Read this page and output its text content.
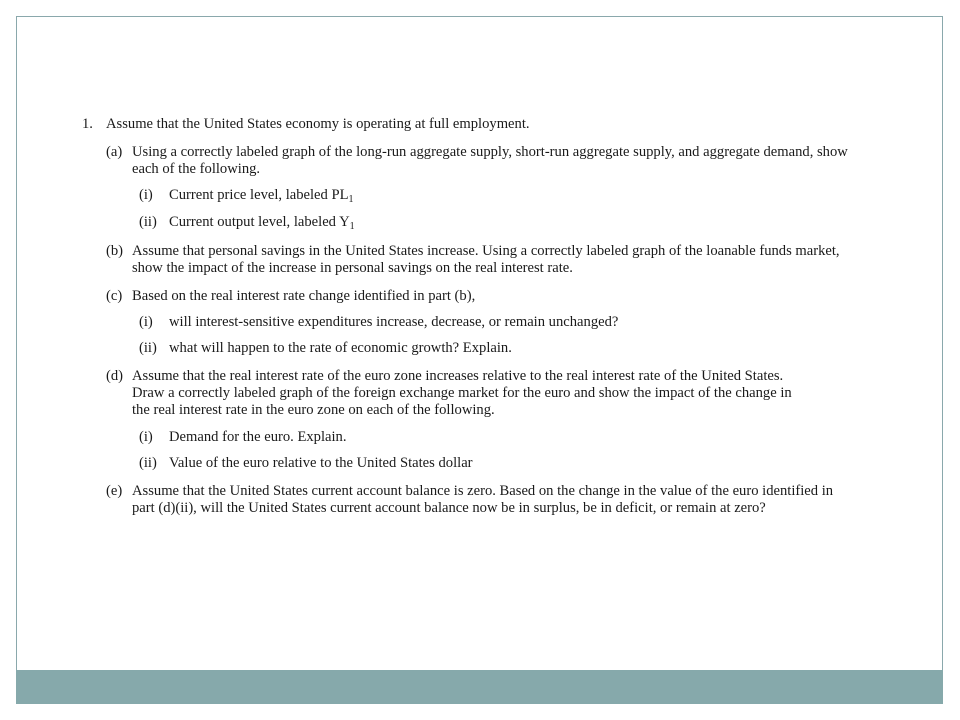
1. Assume that the United States economy is operating at full employment.
(a) Using a correctly labeled graph of the long-run aggregate supply, short-run aggregate supply, and aggregate demand, show each of the following.
(i)	Current price level, labeled $PL_1$
(ii) Current output level, labeled $Y_1$
(b) Assume that personal savings in the United States increase. Using a correctly labeled graph of the loanable funds market, show the impact of the increase in personal savings on the real interest rate.
(c) Based on the real interest rate change identified in part (b),
(i)	will interest-sensitive expenditures increase, decrease, or remain unchanged?
(ii) what will happen to the rate of economic growth? Explain.
(d) Assume that the real interest rate of the euro zone increases relative to the real interest rate of the United States. Draw a correctly labeled graph of the foreign exchange market for the euro and show the impact of the change in the real interest rate in the euro zone on each of the following.
(i)	Demand for the euro. Explain.
(ii) Value of the euro relative to the United States dollar
(e) Assume that the United States current account balance is zero. Based on the change in the value of the euro identified in part (d)(ii), will the United States current account balance now be in surplus, be in deficit, or remain at zero?
